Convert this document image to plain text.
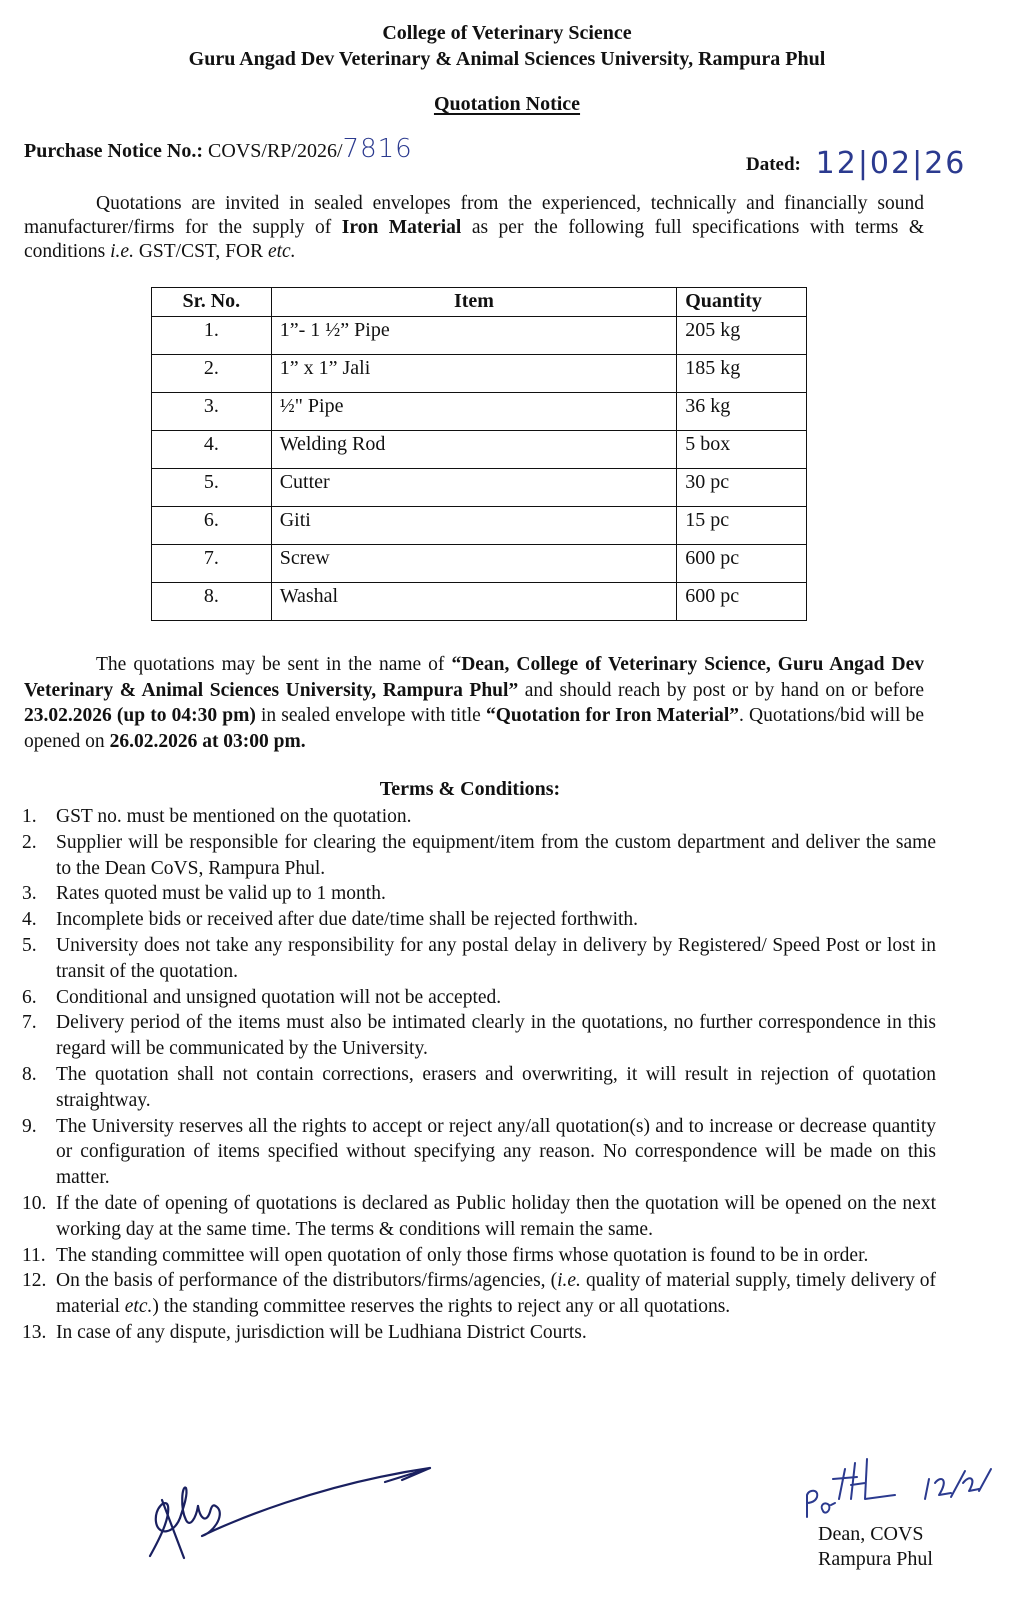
College of Veterinary Science
Guru Angad Dev Veterinary & Animal Sciences University, Rampura Phul
Quotation Notice
Purchase Notice No.: COVS/RP/2026/7816
Dated: 12|02|26
Quotations are invited in sealed envelopes from the experienced, technically and financially sound manufacturer/firms for the supply of Iron Material as per the following full specifications with terms & conditions i.e. GST/CST, FOR etc.
Sr. No.	Item	Quantity
1.	1”- 1 ½” Pipe	205 kg
2.	1” x 1” Jali	185 kg
3.	½" Pipe	36 kg
4.	Welding Rod	5 box
5.	Cutter	30 pc
6.	Giti	15 pc
7.	Screw	600 pc
8.	Washal	600 pc
The quotations may be sent in the name of “Dean, College of Veterinary Science, Guru Angad Dev Veterinary & Animal Sciences University, Rampura Phul” and should reach by post or by hand on or before 23.02.2026 (up to 04:30 pm) in sealed envelope with title “Quotation for Iron Material”. Quotations/bid will be opened on 26.02.2026 at 03:00 pm.
Terms & Conditions:
1. GST no. must be mentioned on the quotation.
2. Supplier will be responsible for clearing the equipment/item from the custom department and deliver the same to the Dean CoVS, Rampura Phul.
3. Rates quoted must be valid up to 1 month.
4. Incomplete bids or received after due date/time shall be rejected forthwith.
5. University does not take any responsibility for any postal delay in delivery by Registered/ Speed Post or lost in transit of the quotation.
6. Conditional and unsigned quotation will not be accepted.
7. Delivery period of the items must also be intimated clearly in the quotations, no further correspondence in this regard will be communicated by the University.
8. The quotation shall not contain corrections, erasers and overwriting, it will result in rejection of quotation straightway.
9. The University reserves all the rights to accept or reject any/all quotation(s) and to increase or decrease quantity or configuration of items specified without specifying any reason. No correspondence will be made on this matter.
10. If the date of opening of quotations is declared as Public holiday then the quotation will be opened on the next working day at the same time. The terms & conditions will remain the same.
11. The standing committee will open quotation of only those firms whose quotation is found to be in order.
12. On the basis of performance of the distributors/firms/agencies, (i.e. quality of material supply, timely delivery of material etc.) the standing committee reserves the rights to reject any or all quotations.
13. In case of any dispute, jurisdiction will be Ludhiana District Courts.
Dean, COVS
Rampura Phul
